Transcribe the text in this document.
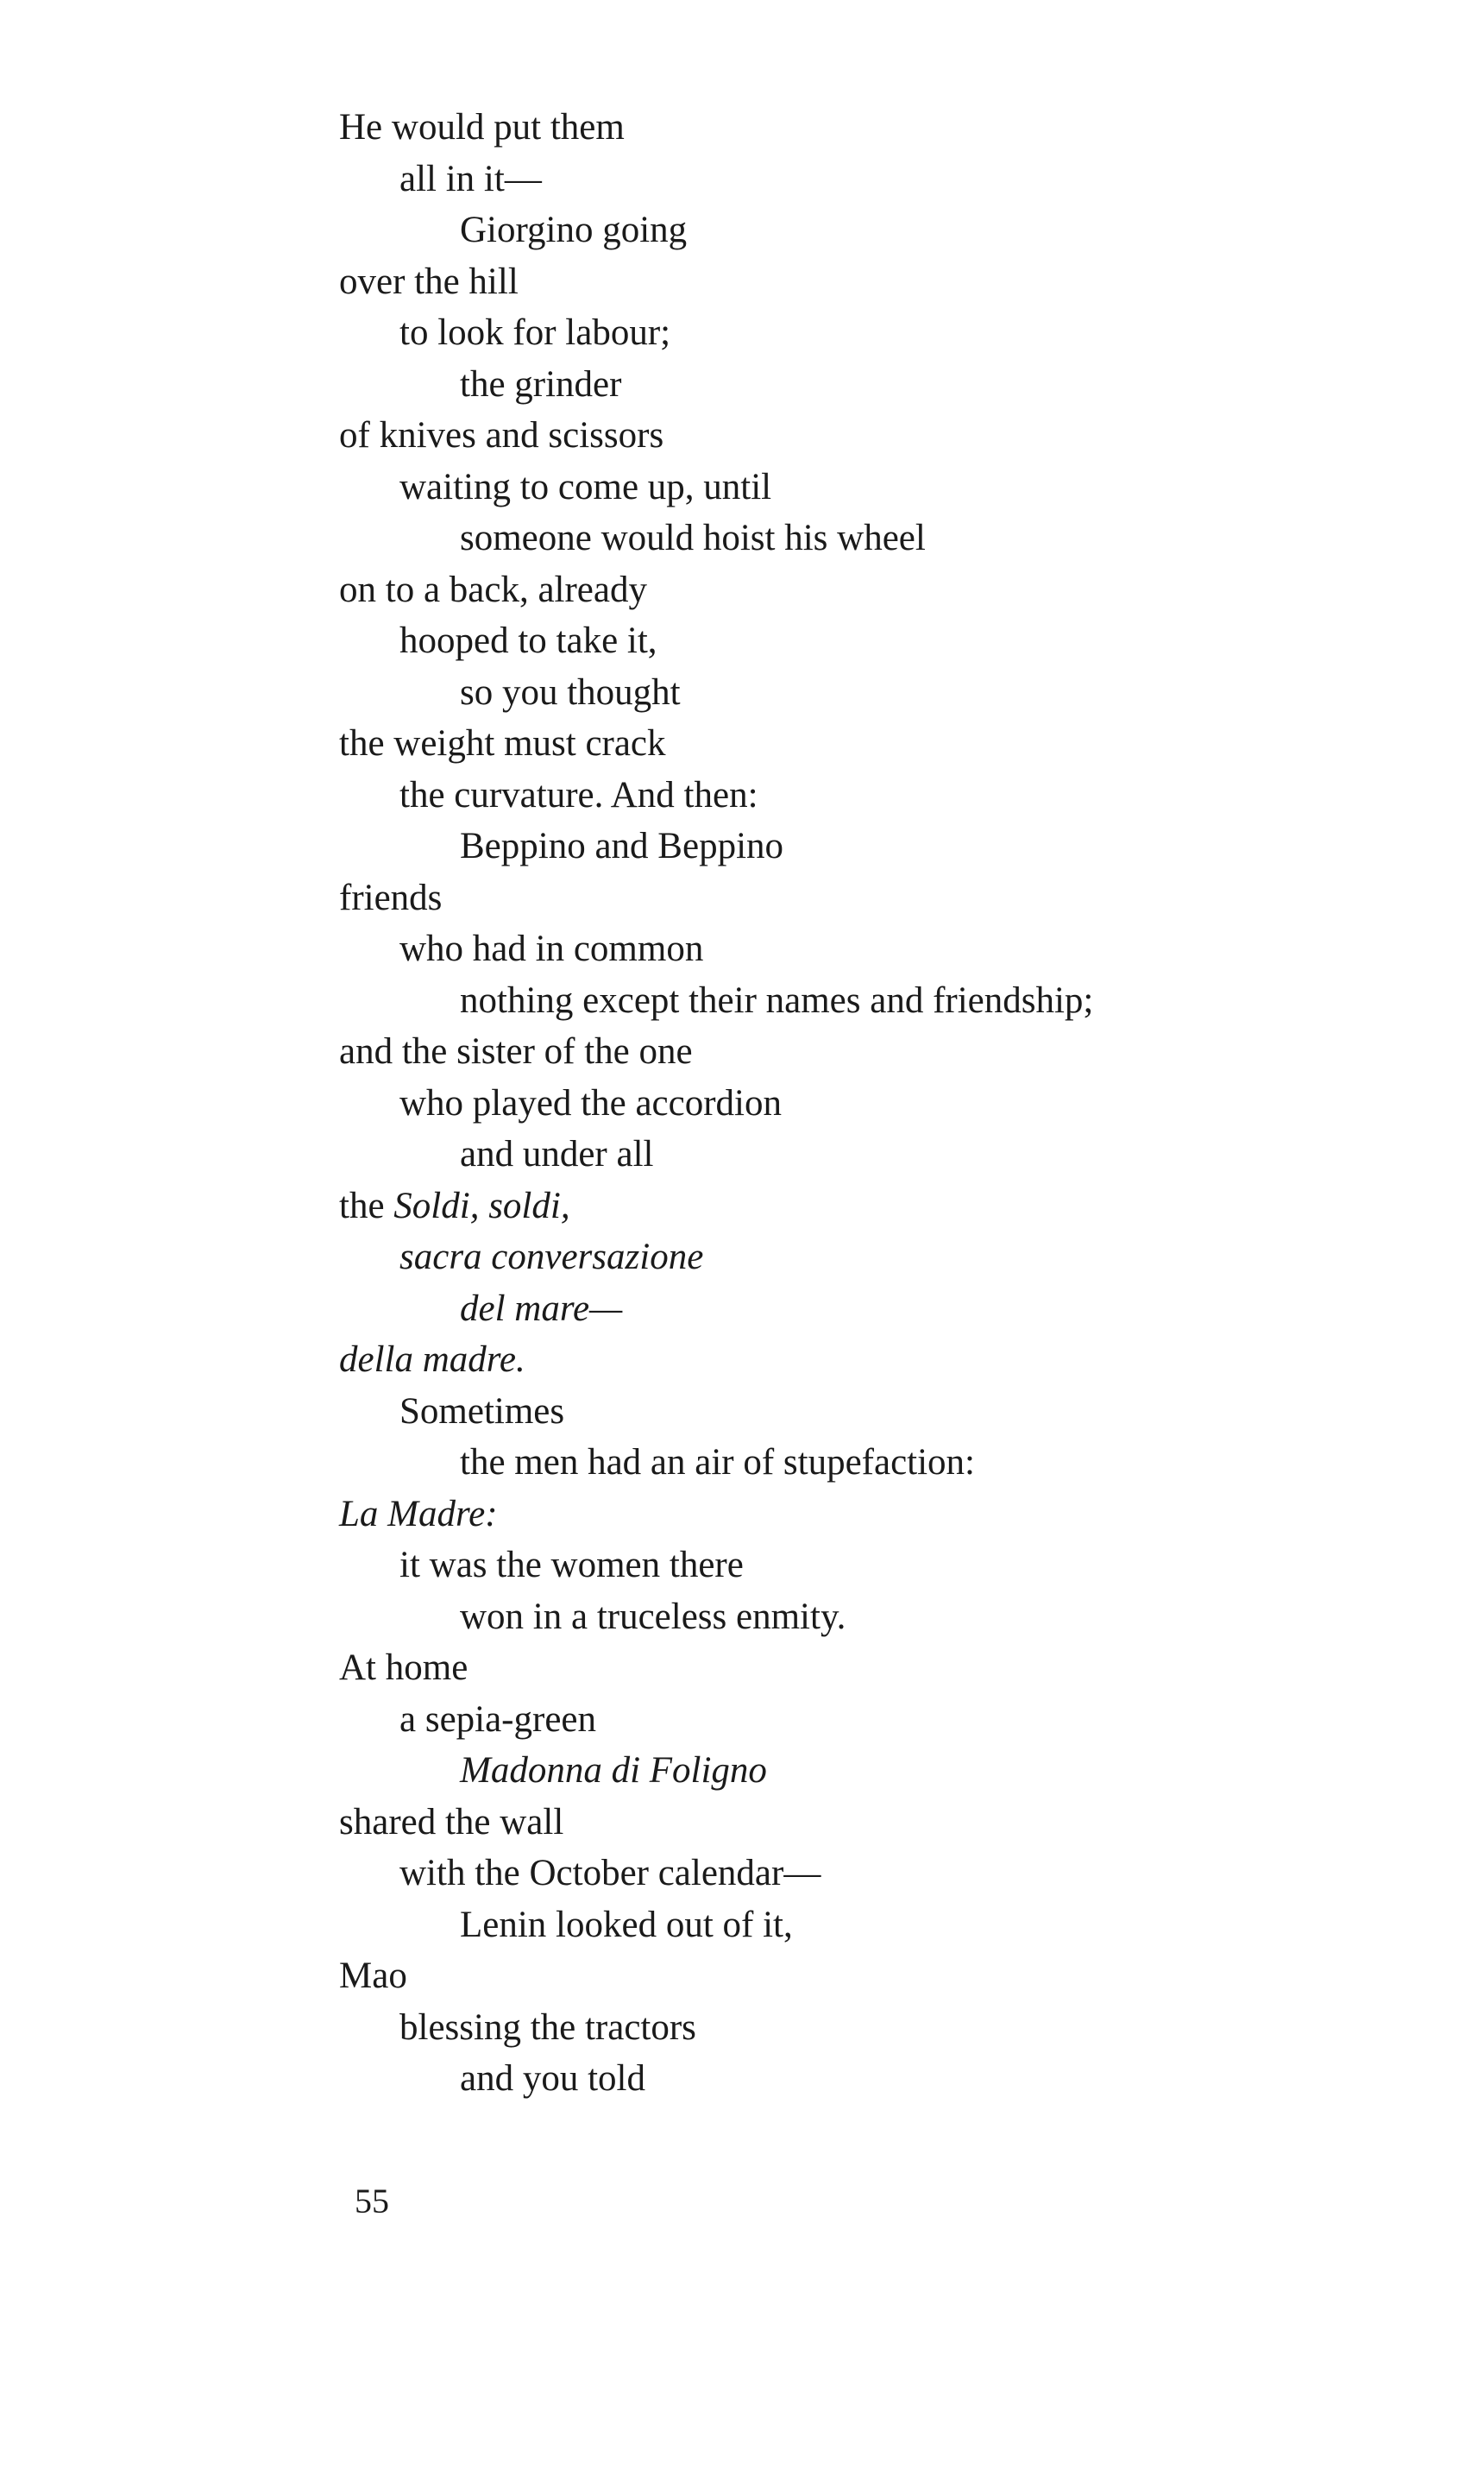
He would put them
all in it—
Giorgino going
over the hill
to look for labour;
the grinder
of knives and scissors
waiting to come up, until
someone would hoist his wheel
on to a back, already
hooped to take it,
so you thought
the weight must crack
the curvature. And then:
Beppino and Beppino
friends
who had in common
nothing except their names and friendship;
and the sister of the one
who played the accordion
and under all
the Soldi, soldi,
sacra conversazione
del mare—
della madre.
Sometimes
the men had an air of stupefaction:
La Madre:
it was the women there
won in a truceless enmity.
At home
a sepia-green
Madonna di Foligno
shared the wall
with the October calendar—
Lenin looked out of it,
Mao
blessing the tractors
and you told
55
